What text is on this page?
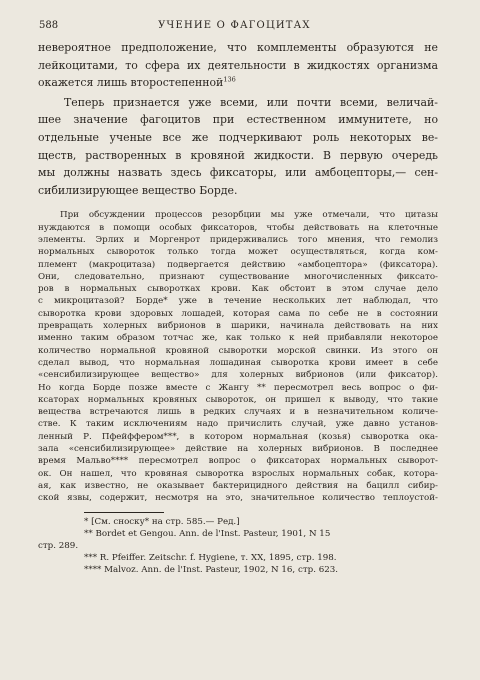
588	УЧЕНИЕ О ФАГОЦИТАХ

невероятное предположение, что комплементы образуются не
лейкоцитами, то сфера их деятельности в жидкостях организма
окажется лишь второстепенной$^{136}$

Теперь признается уже всеми, или почти всеми, величай-
шее значение фагоцитов при естественном иммунитете, но
отдельные ученые все же подчеркивают роль некоторых ве-
ществ, растворенных в кровяной жидкости. В первую очередь
мы должны назвать здесь фиксаторы, или амбоцепторы,— сен-
сибилизирующее вещество Борде.

При обсуждении процессов резорбции мы уже отмечали, что цитазы
нуждаются в помощи особых фиксаторов, чтобы действовать на клеточные
элементы. Эрлих и Моргенрот придерживались того мнения, что гемолиз
нормальных сывороток только тогда может осуществляться, когда ком-
племент (макроцитаза) подвергается действию «амбоцептора» (фиксатора).
Они, следовательно, признают существование многочисленных фиксато-
ров в нормальных сыворотках крови. Как обстоит в этом случае дело
с микроцитазой? Борде* уже в течение нескольких лет наблюдал, что
сыворотка крови здоровых лошадей, которая сама по себе не в состоянии
превращать холерных вибрионов в шарики, начинала действовать на них
именно таким образом тотчас же, как только к ней прибавляли некоторое
количество нормальной кровяной сыворотки морской свинки. Из этого он
сделал вывод, что нормальная лошадиная сыворотка крови имеет в себе
«сенсибилизирующее вещество» для холерных вибрионов (или фиксатор).
Но когда Борде позже вместе с Жангу ** пересмотрел весь вопрос о фи-
ксаторах нормальных кровяных сывороток, он пришел к выводу, что такие
вещества встречаются лишь в редких случаях и в незначительном количе-
стве. К таким исключениям надо причислить случай, уже давно установ-
ленный Р. Пфейффером***, в котором нормальная (козья) сыворотка ока-
зала «сенсибилизирующее» действие на холерных вибрионов. В последнее
время Мальво**** пересмотрел вопрос о фиксаторах нормальных сыворот-
ок. Он нашел, что кровяная сыворотка взрослых нормальных собак, котора-
ая, как известно, не оказывает бактерицидного действия на бацилл сибир-
ской язвы, содержит, несмотря на это, значительное количество теплоустой-
* [См. сноску* на стр. 585.— Ред.]
** Bordet et Gengou. Ann. de l'Inst. Pasteur, 1901, N 15
стр. 289.
*** R. Pfeiffer. Zeitschr. f. Hygiene, т. XX, 1895, стр. 198.
**** Malvoz. Ann. de l'Inst. Pasteur, 1902, N 16, стр. 623.
